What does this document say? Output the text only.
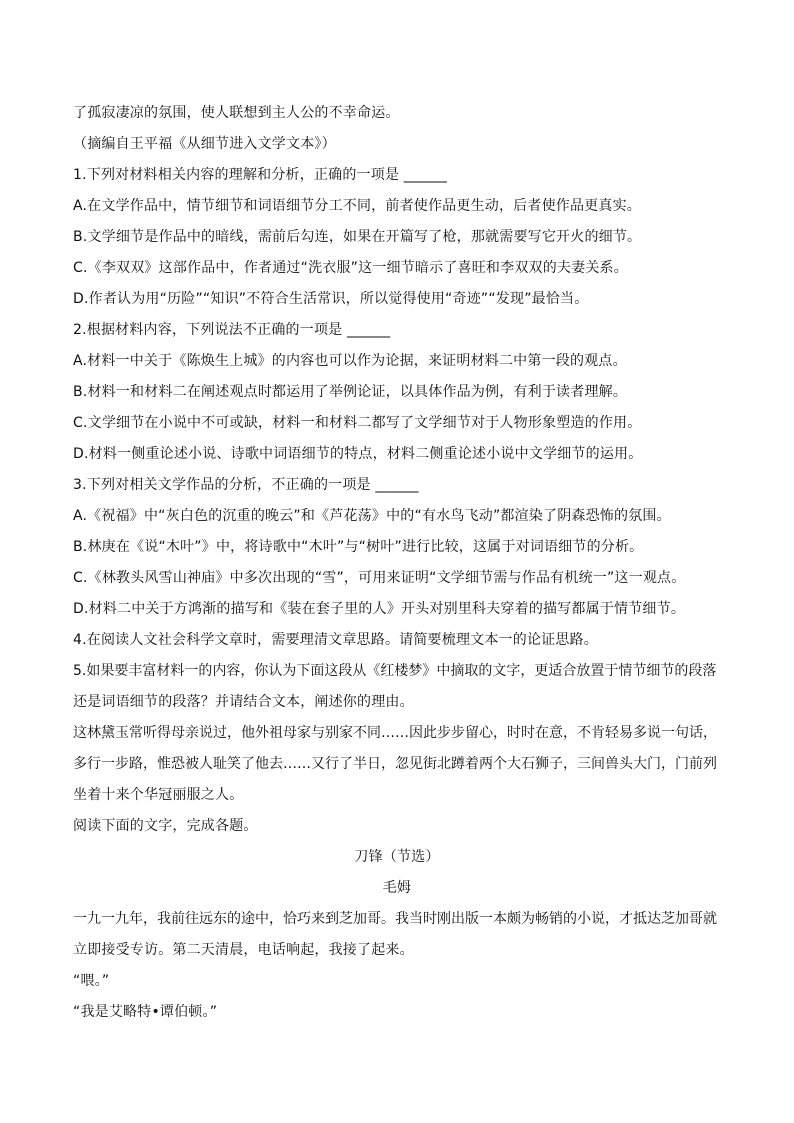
了孤寂凄凉的氛围，使人联想到主人公的不幸命运。
（摘编自王平福《从细节进入文学文本》）
1.下列对材料相关内容的理解和分析，正确的一项是 ______
A.在文学作品中，情节细节和词语细节分工不同，前者使作品更生动，后者使作品更真实。
B.文学细节是作品中的暗线，需前后勾连，如果在开篇写了枪，那就需要写它开火的细节。
C.《李双双》这部作品中，作者通过“洗衣服”这一细节暗示了喜旺和李双双的夫妻关系。
D.作者认为用“历险”“知识”不符合生活常识，所以觉得使用“奇迹”“发现”最恰当。
2.根据材料内容，下列说法不正确的一项是 ______
A.材料一中关于《陈焕生上城》的内容也可以作为论据，来证明材料二中第一段的观点。
B.材料一和材料二在阐述观点时都运用了举例论证，以具体作品为例，有利于读者理解。
C.文学细节在小说中不可或缺，材料一和材料二都写了文学细节对于人物形象塑造的作用。
D.材料一侧重论述小说、诗歌中词语细节的特点，材料二侧重论述小说中文学细节的运用。
3.下列对相关文学作品的分析，不正确的一项是 ______
A.《祝福》中“灰白色的沉重的晚云”和《芦花荡》中的“有水鸟飞动”都渲染了阴森恐怖的氛围。
B.林庚在《说“木叶”》中，将诗歌中“木叶”与“树叶”进行比较，这属于对词语细节的分析。
C.《林教头风雪山神庙》中多次出现的“雪”，可用来证明“文学细节需与作品有机统一”这一观点。
D.材料二中关于方鸿渐的描写和《装在套子里的人》开头对别里科夫穿着的描写都属于情节细节。
4.在阅读人文社会科学文章时，需要理清文章思路。请简要梳理文本一的论证思路。
5.如果要丰富材料一的内容，你认为下面这段从《红楼梦》中摘取的文字，更适合放置于情节细节的段落
还是词语细节的段落？并请结合文本，阐述你的理由。
这林黛玉常听得母亲说过，他外祖母家与别家不同……因此步步留心，时时在意，不肯轻易多说一句话，
多行一步路，惟恐被人耻笑了他去……又行了半日，忽见街北蹲着两个大石狮子，三间兽头大门，门前列
坐着十来个华冠丽服之人。
阅读下面的文字，完成各题。
刀锋（节选）
毛姆
一九一九年，我前往远东的途中，恰巧来到芝加哥。我当时刚出版一本颇为畅销的小说，才抵达芝加哥就
立即接受专访。第二天清晨，电话响起，我接了起来。
“喂。”
“我是艾略特•谭伯顿。”
